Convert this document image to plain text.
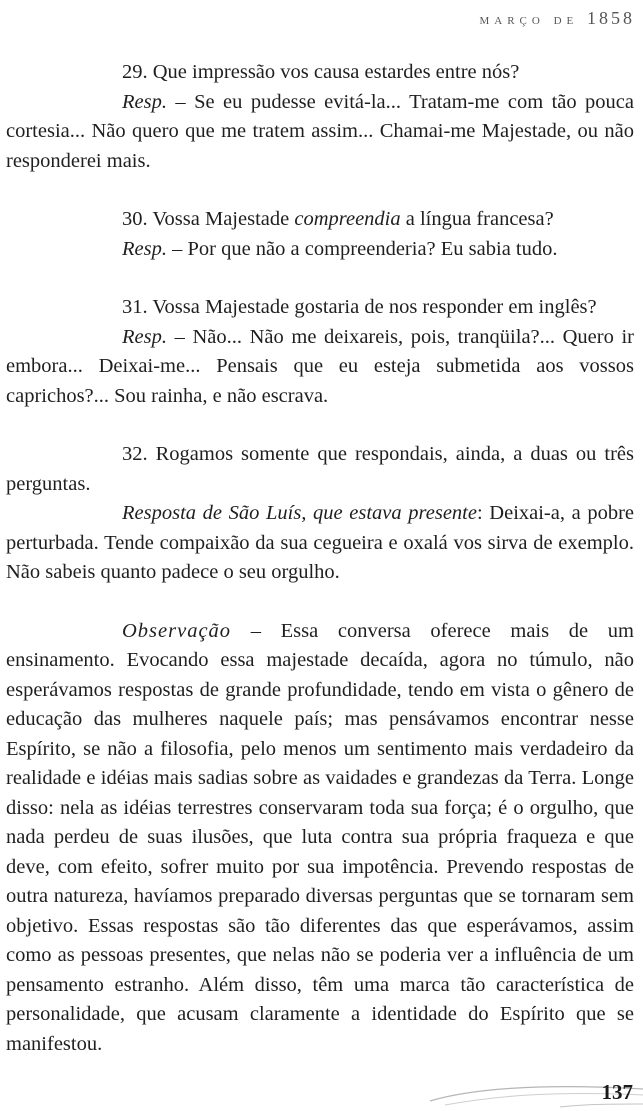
março de 1858

29. Que impressão vos causa estardes entre nós?

Resp. – Se eu pudesse evitá-la... Tratam-me com tão pouca cortesia... Não quero que me tratem assim... Chamai-me Majestade, ou não responderei mais.

30. Vossa Majestade compreendia a língua francesa?

Resp. – Por que não a compreenderia? Eu sabia tudo.

31. Vossa Majestade gostaria de nos responder em inglês?

Resp. – Não... Não me deixareis, pois, tranqüila?... Quero ir embora... Deixai-me... Pensais que eu esteja submetida aos vossos caprichos?... Sou rainha, e não escrava.

32. Rogamos somente que respondais, ainda, a duas ou três perguntas.

Resposta de São Luís, que estava presente: Deixai-a, a pobre perturbada. Tende compaixão da sua cegueira e oxalá vos sirva de exemplo. Não sabeis quanto padece o seu orgulho.

Observação – Essa conversa oferece mais de um ensinamento. Evocando essa majestade decaída, agora no túmulo, não esperávamos respostas de grande profundidade, tendo em vista o gênero de educação das mulheres naquele país; mas pensávamos encontrar nesse Espírito, se não a filosofia, pelo menos um sentimento mais verdadeiro da realidade e idéias mais sadias sobre as vaidades e grandezas da Terra. Longe disso: nela as idéias terrestres conservaram toda sua força; é o orgulho, que nada perdeu de suas ilusões, que luta contra sua própria fraqueza e que deve, com efeito, sofrer muito por sua impotência. Prevendo respostas de outra natureza, havíamos preparado diversas perguntas que se tornaram sem objetivo. Essas respostas são tão diferentes das que esperávamos, assim como as pessoas presentes, que nelas não se poderia ver a influência de um pensamento estranho. Além disso, têm uma marca tão característica de personalidade, que acusam claramente a identidade do Espírito que se manifestou.

137
